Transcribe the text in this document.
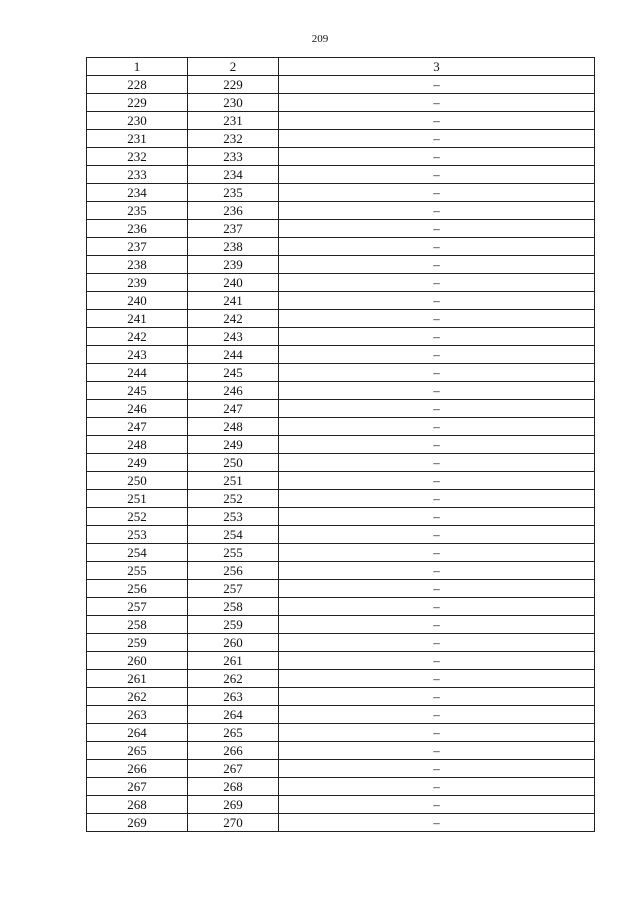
209
1	2	3
228	229	–
229	230	–
230	231	–
231	232	–
232	233	–
233	234	–
234	235	–
235	236	–
236	237	–
237	238	–
238	239	–
239	240	–
240	241	–
241	242	–
242	243	–
243	244	–
244	245	–
245	246	–
246	247	–
247	248	–
248	249	–
249	250	–
250	251	–
251	252	–
252	253	–
253	254	–
254	255	–
255	256	–
256	257	–
257	258	–
258	259	–
259	260	–
260	261	–
261	262	–
262	263	–
263	264	–
264	265	–
265	266	–
266	267	–
267	268	–
268	269	–
269	270	–
